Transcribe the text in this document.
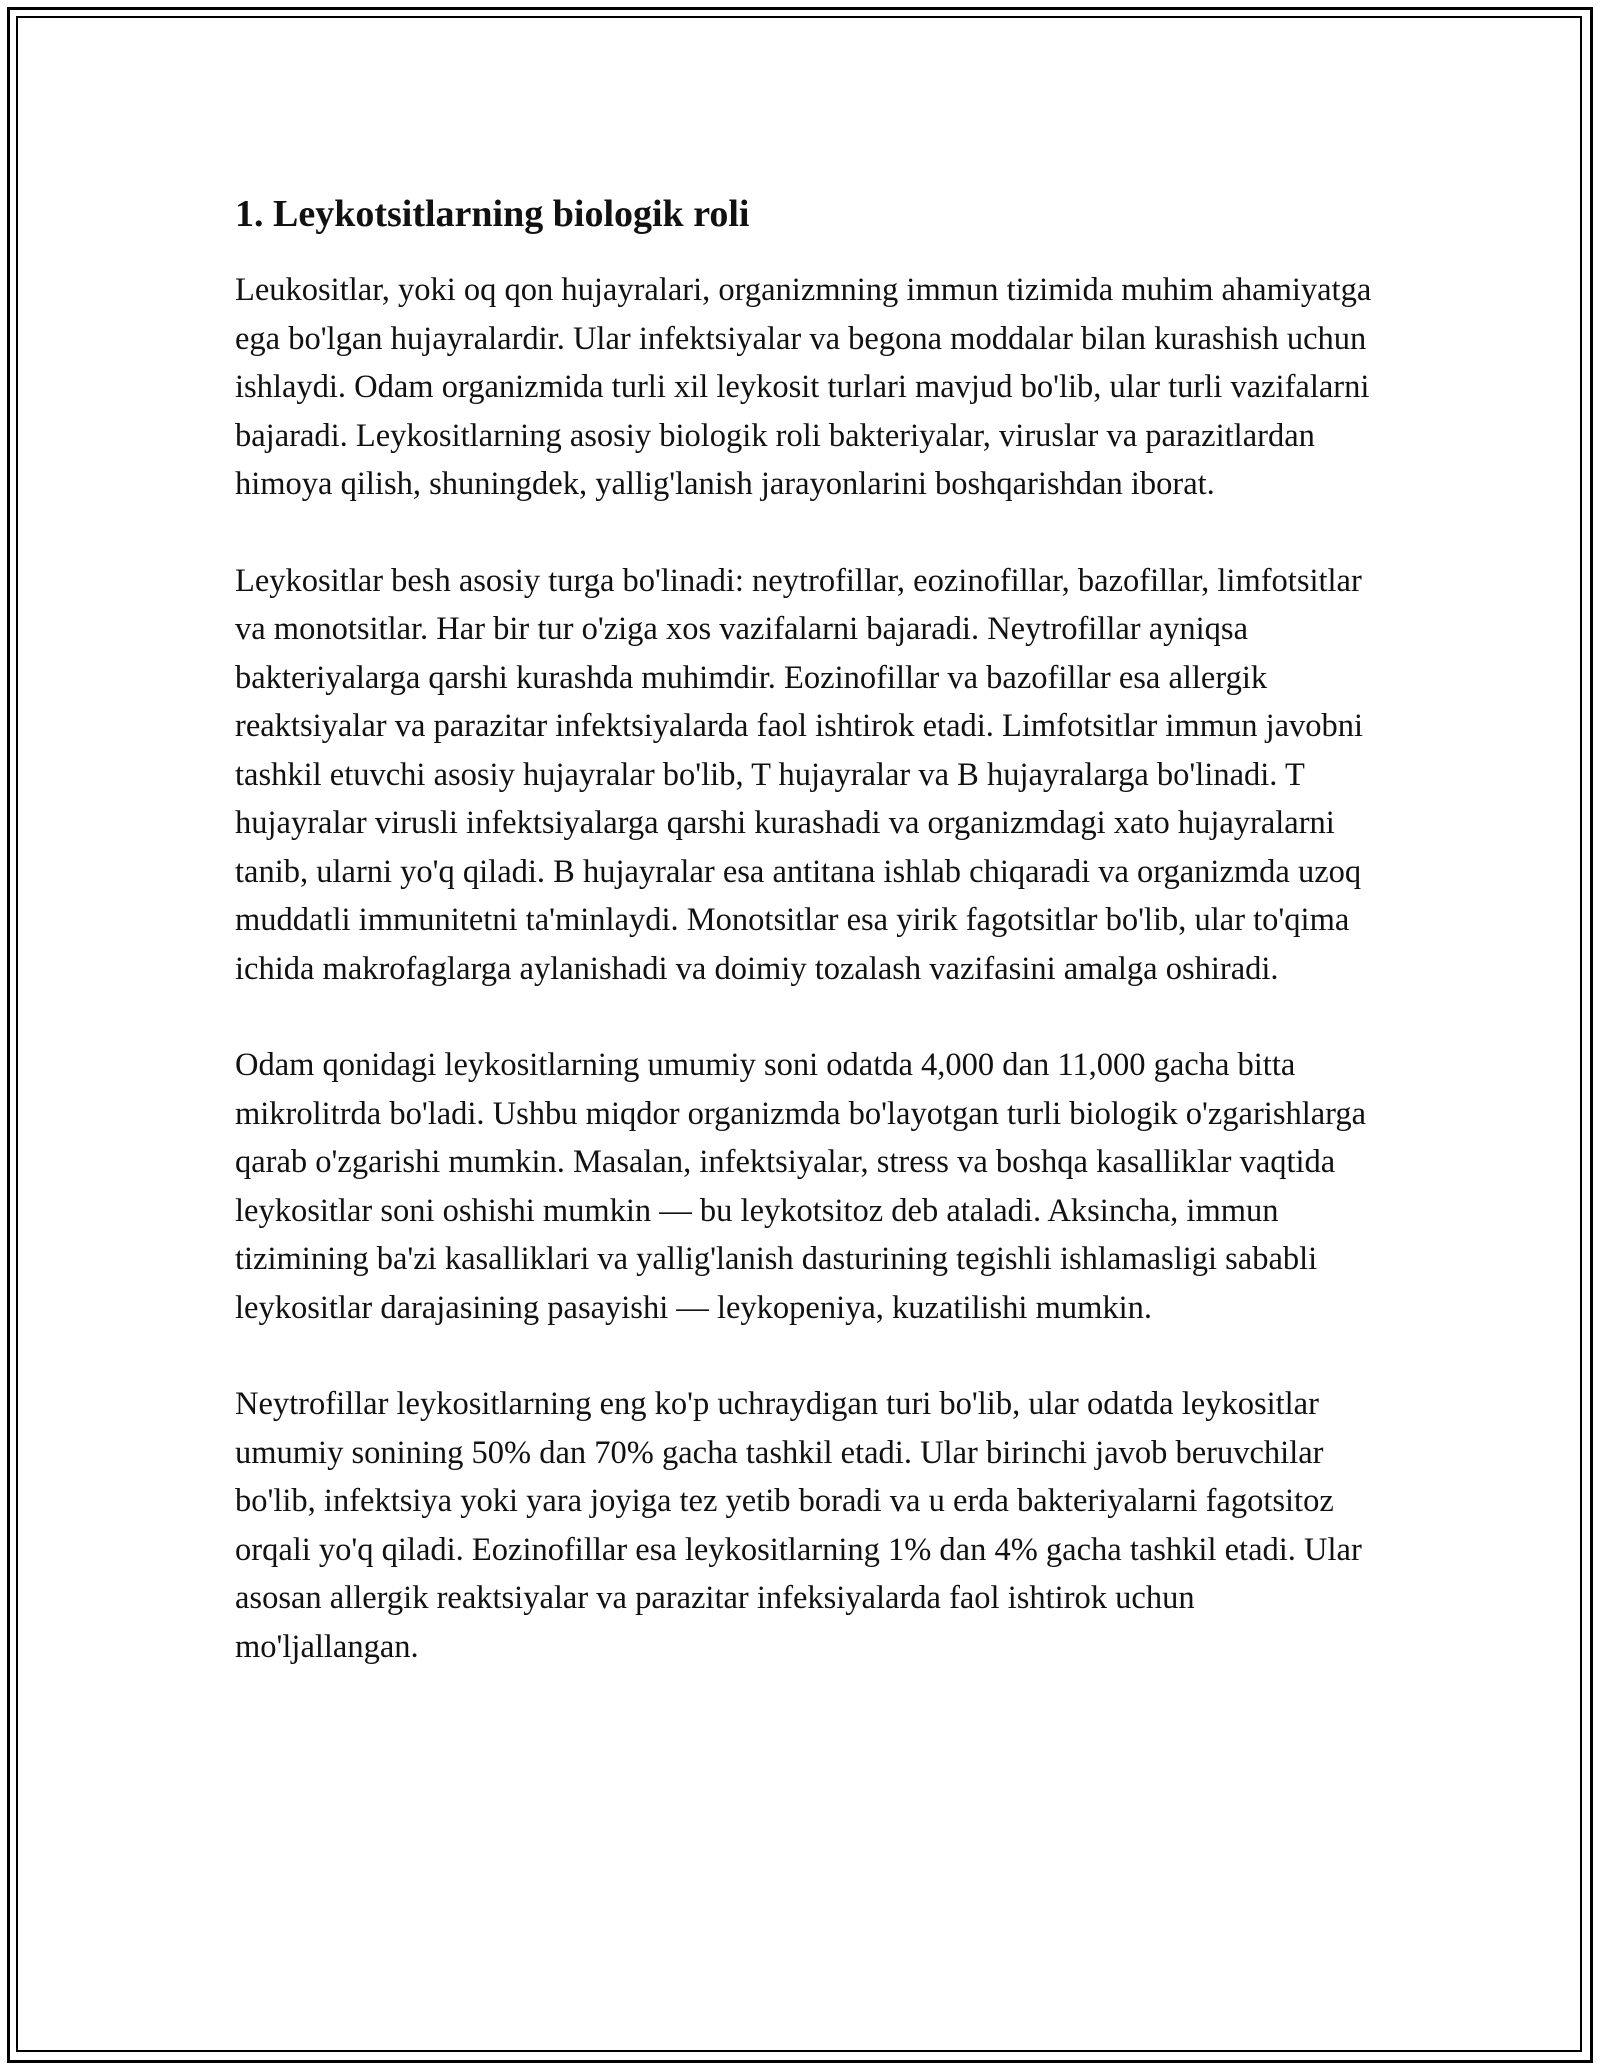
1. Leykotsitlarning biologik roli

Leukositlar, yoki oq qon hujayralari, organizmning immun tizimida muhim ahamiyatga ega bo'lgan hujayralardir. Ular infektsiyalar va begona moddalar bilan kurashish uchun ishlaydi. Odam organizmida turli xil leykosit turlari mavjud bo'lib, ular turli vazifalarni bajaradi. Leykositlarning asosiy biologik roli bakteriyalar, viruslar va parazitlardan himoya qilish, shuningdek, yallig'lanish jarayonlarini boshqarishdan iborat.

Leykositlar besh asosiy turga bo'linadi: neytrofillar, eozinofillar, bazofillar, limfotsitlar va monotsitlar. Har bir tur o'ziga xos vazifalarni bajaradi. Neytrofillar ayniqsa bakteriyalarga qarshi kurashda muhimdir. Eozinofillar va bazofillar esa allergik reaktsiyalar va parazitar infektsiyalarda faol ishtirok etadi. Limfotsitlar immun javobni tashkil etuvchi asosiy hujayralar bo'lib, T hujayralar va B hujayralarga bo'linadi. T hujayralar virusli infektsiyalarga qarshi kurashadi va organizmdagi xato hujayralarni tanib, ularni yo'q qiladi. B hujayralar esa antitana ishlab chiqaradi va organizmda uzoq muddatli immunitetni ta'minlaydi. Monotsitlar esa yirik fagotsitlar bo'lib, ular to'qima ichida makrofaglarga aylanishadi va doimiy tozalash vazifasini amalga oshiradi.

Odam qonidagi leykositlarning umumiy soni odatda 4,000 dan 11,000 gacha bitta mikrolitrda bo'ladi. Ushbu miqdor organizmda bo'layotgan turli biologik o'zgarishlarga qarab o'zgarishi mumkin. Masalan, infektsiyalar, stress va boshqa kasalliklar vaqtida leykositlar soni oshishi mumkin — bu leykotsitoz deb ataladi. Aksincha, immun tizimining ba'zi kasalliklari va yallig'lanish dasturining tegishli ishlamasligi sababli leykositlar darajasining pasayishi — leykopeniya, kuzatilishi mumkin.

Neytrofillar leykositlarning eng ko'p uchraydigan turi bo'lib, ular odatda leykositlar umumiy sonining 50% dan 70% gacha tashkil etadi. Ular birinchi javob beruvchilar bo'lib, infektsiya yoki yara joyiga tez yetib boradi va u erda bakteriyalarni fagotsitoz orqali yo'q qiladi. Eozinofillar esa leykositlarning 1% dan 4% gacha tashkil etadi. Ular asosan allergik reaktsiyalar va parazitar infeksiyalarda faol ishtirok uchun mo'ljallangan.
